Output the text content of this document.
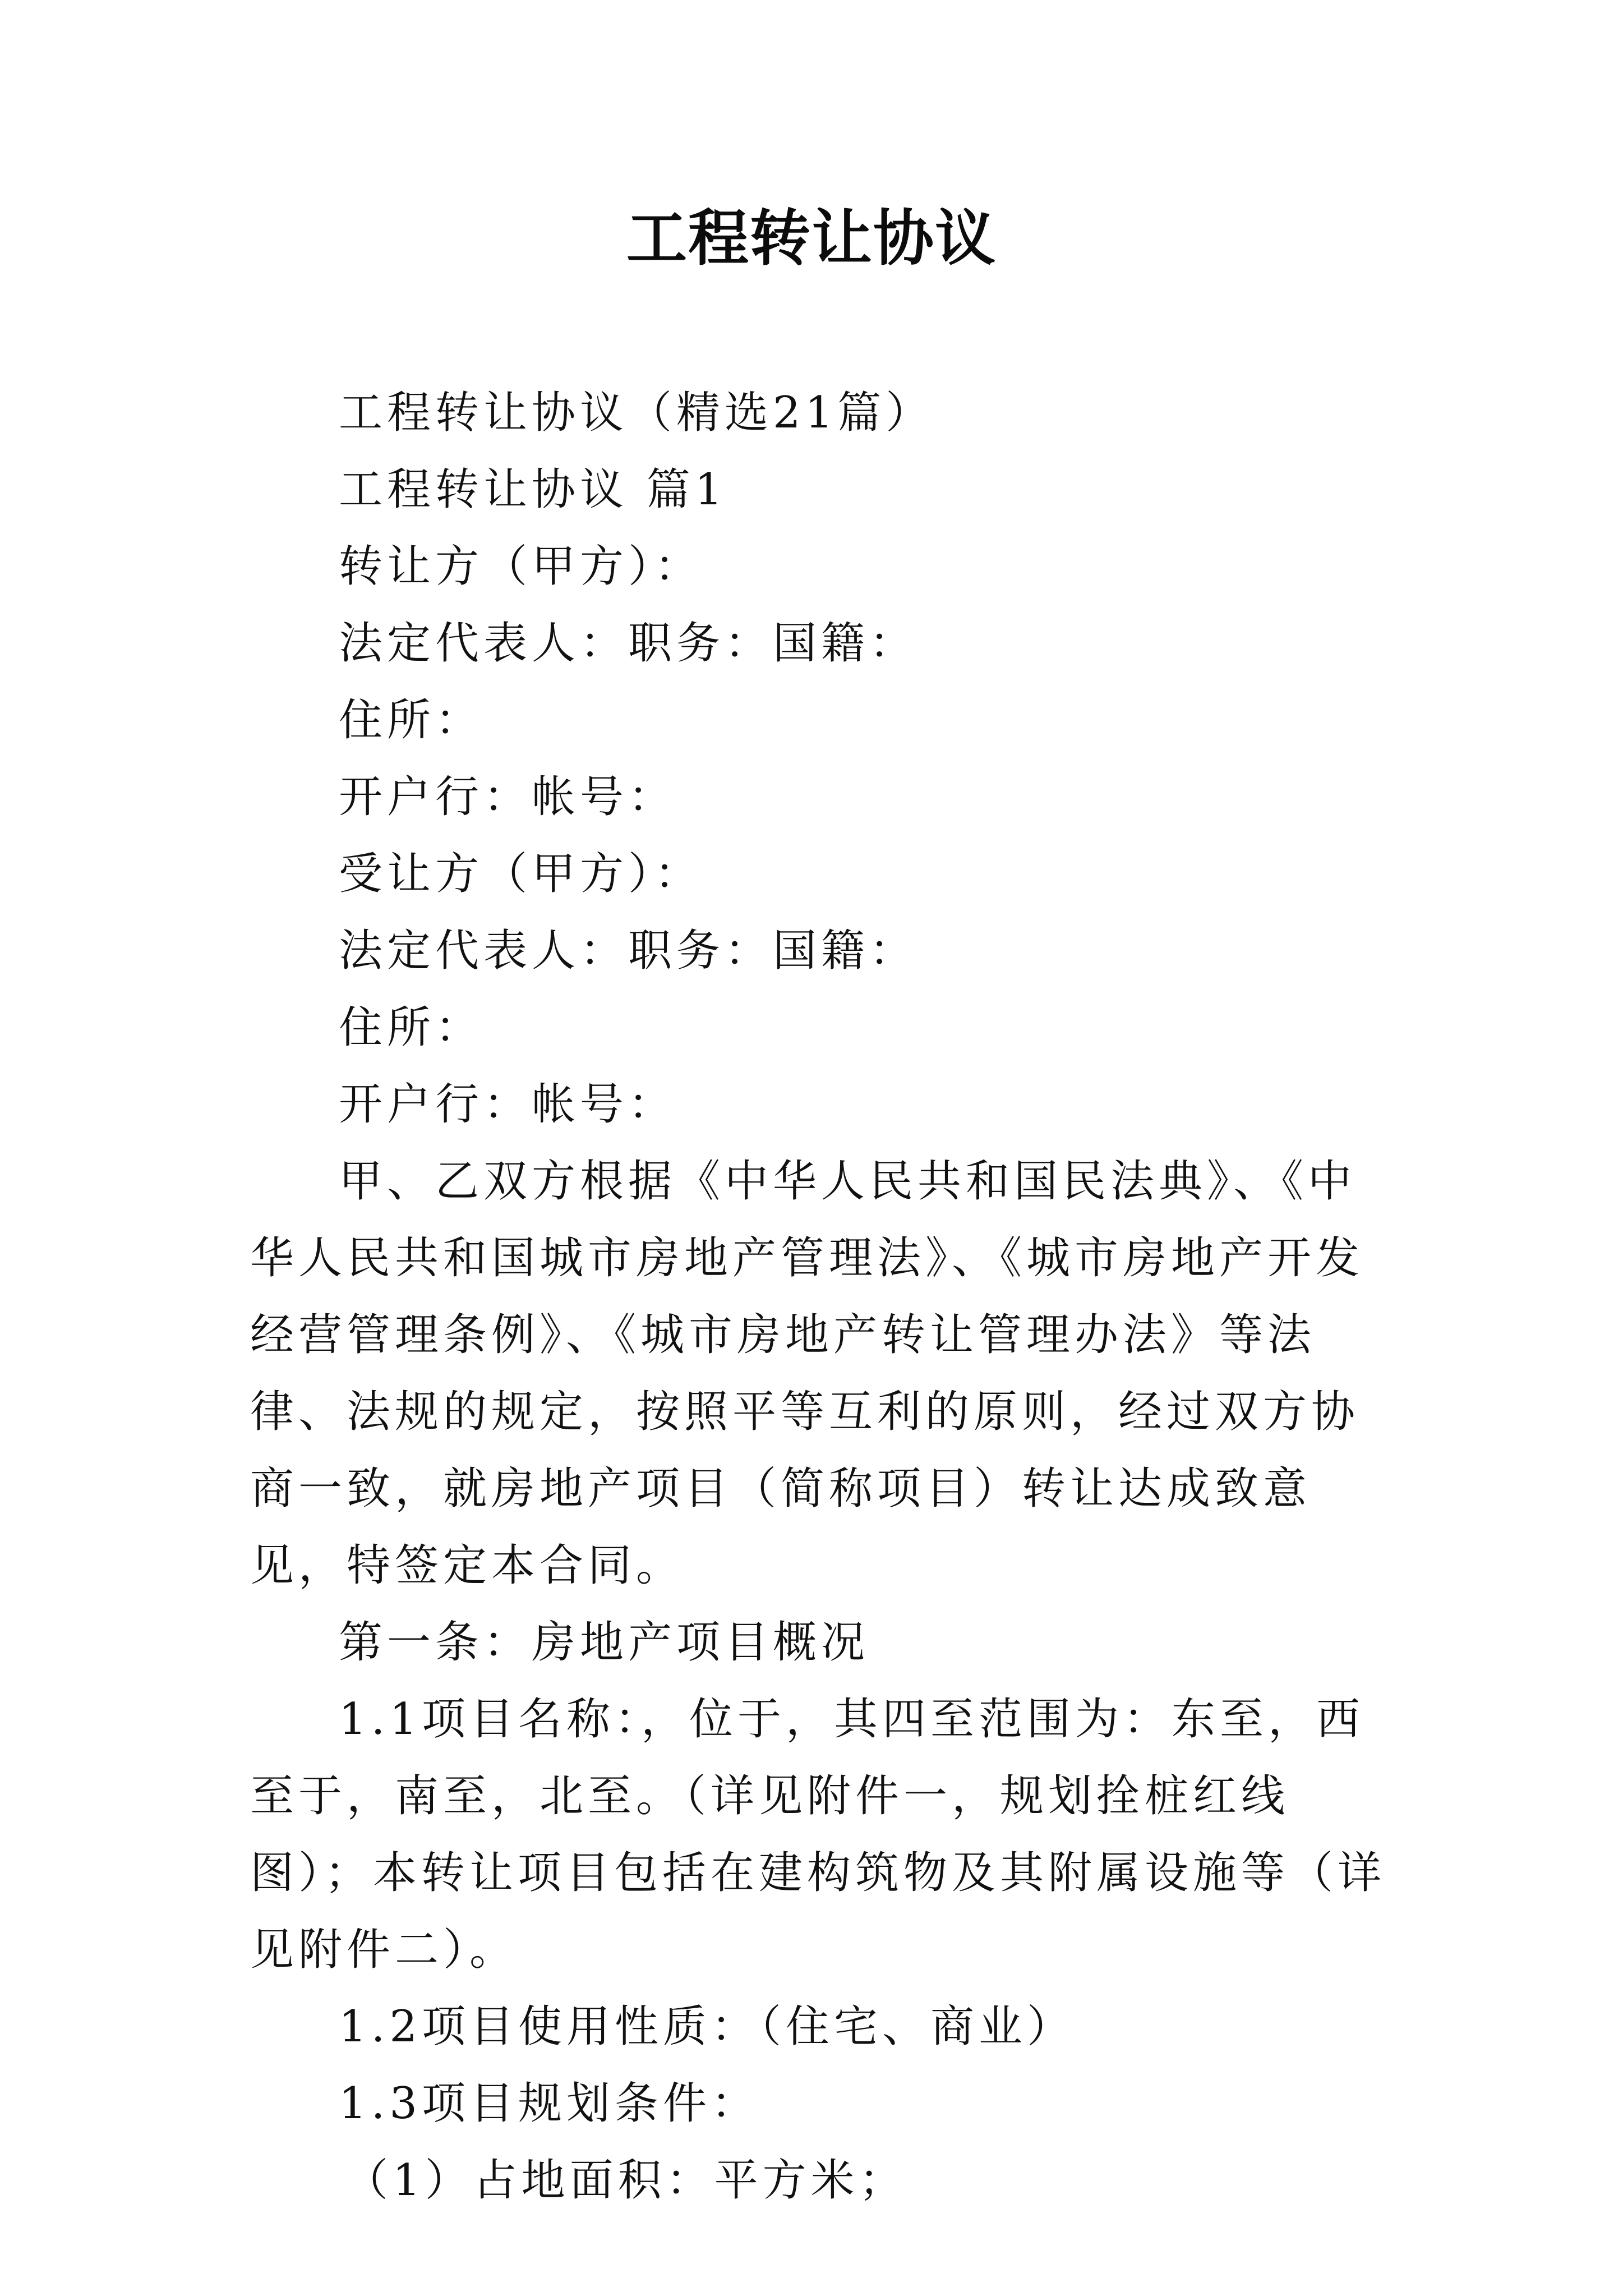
工程转让协议
工程转让协议（精选21篇）
工程转让协议 篇1
转让方（甲方）：
法定代表人：职务：国籍：
住所：
开户行：帐号：
受让方（甲方）：
法定代表人：职务：国籍：
住所：
开户行：帐号：

甲、乙双方根据《中华人民共和国民法典》、《中华人民共和国城市房地产管理法》、《城市房地产开发经营管理条例》、《城市房地产转让管理办法》等法律、法规的规定，按照平等互利的原则，经过双方协商一致，就房地产项目（简称项目）转让达成致意见，特签定本合同。

第一条：房地产项目概况

1.1项目名称：，位于，其四至范围为：东至，西至于，南至，北至。（详见附件一，规划拴桩红线图）；本转让项目包括在建构筑物及其附属设施等（详见附件二）。

1.2项目使用性质：（住宅、商业）
1.3项目规划条件：
（1）占地面积：平方米；
